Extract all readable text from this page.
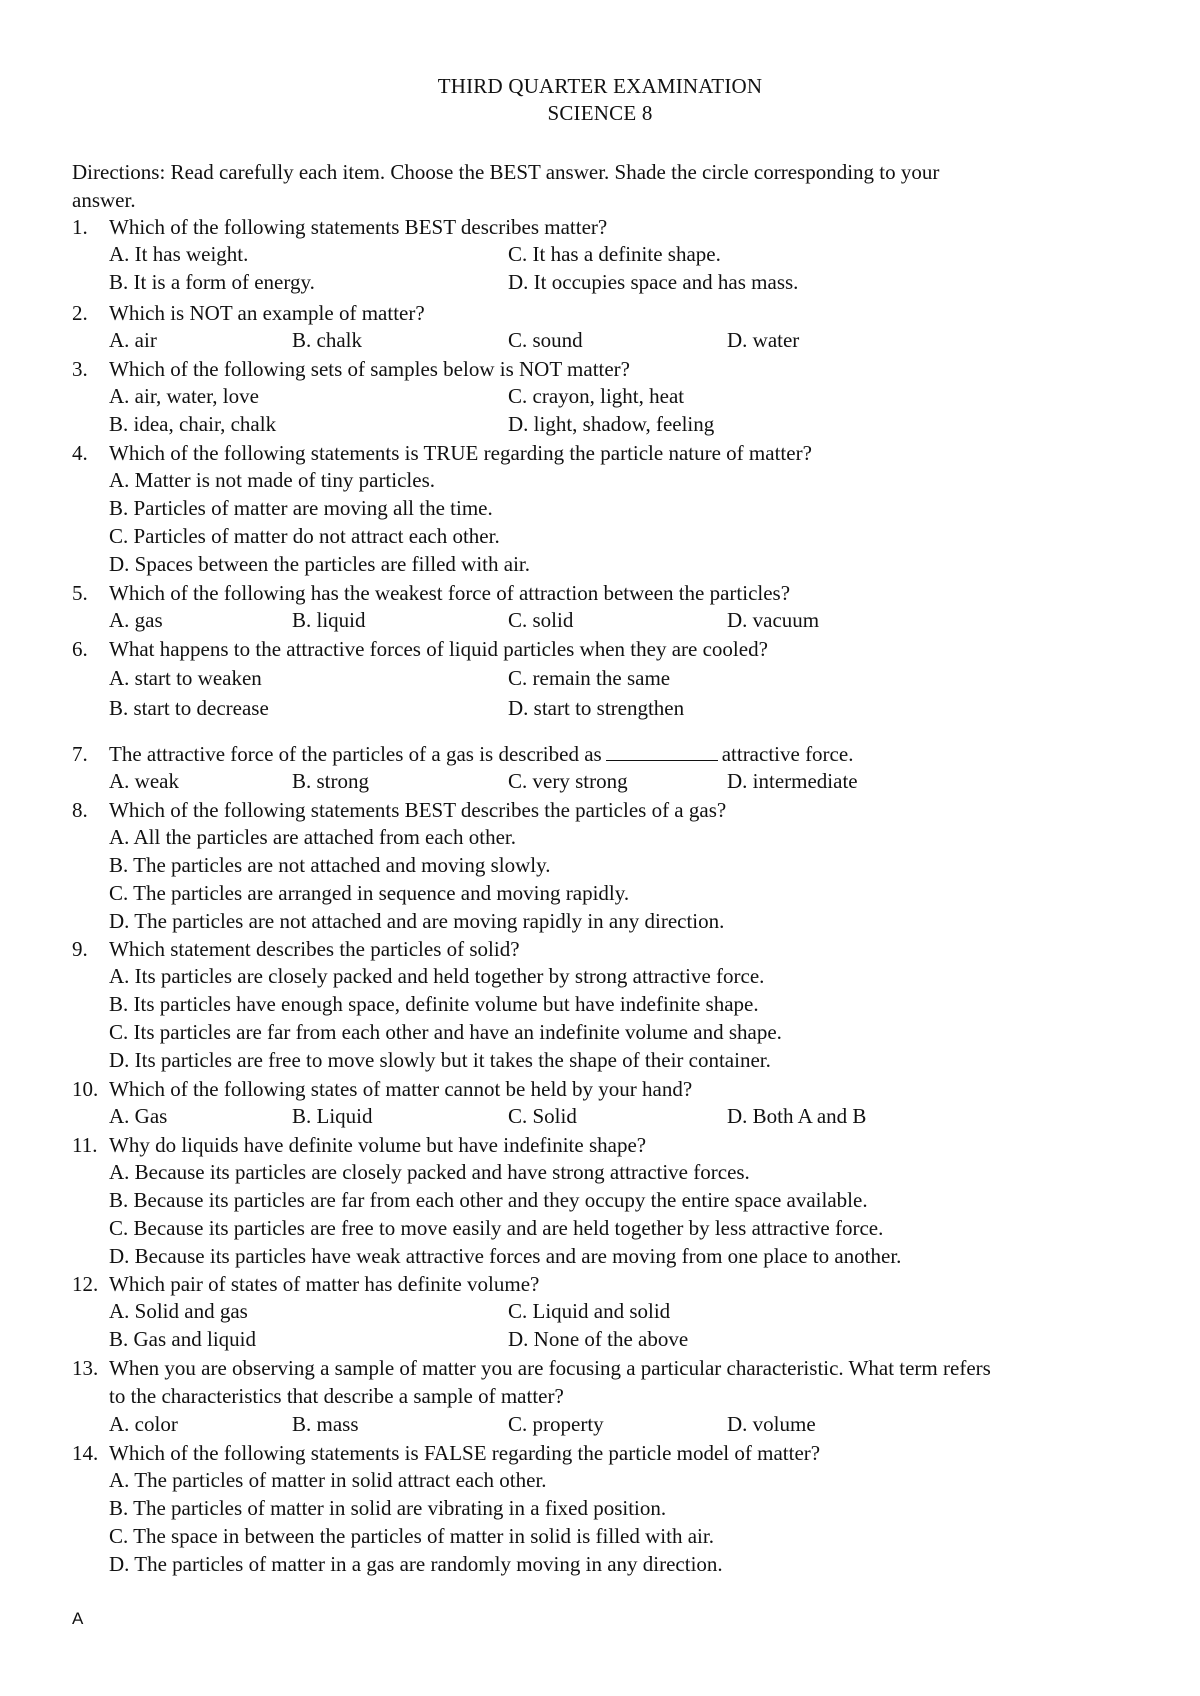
THIRD QUARTER EXAMINATION
SCIENCE 8
Directions: Read carefully each item. Choose the BEST answer. Shade the circle corresponding to your
answer.
1. Which of the following statements BEST describes matter?
A. It has weight.
B. It is a form of energy.
C. It has a definite shape.
D. It occupies space and has mass.
2. Which is NOT an example of matter?
A. air	B. chalk	C. sound	D. water
3. Which of the following sets of samples below is NOT matter?
A. air, water, love
B. idea, chair, chalk
C. crayon, light, heat
D. light, shadow, feeling
4. Which of the following statements is TRUE regarding the particle nature of matter?
A. Matter is not made of tiny particles.
B. Particles of matter are moving all the time.
C. Particles of matter do not attract each other.
D. Spaces between the particles are filled with air.
5. Which of the following has the weakest force of attraction between the particles?
A. gas	B. liquid	C. solid	D. vacuum
6. What happens to the attractive forces of liquid particles when they are cooled?
A. start to weaken
B. start to decrease
C. remain the same
D. start to strengthen
7. The attractive force of the particles of a gas is described as	attractive force.
A. weak	B. strong	C. very strong	D. intermediate
8. Which of the following statements BEST describes the particles of a gas?
A. All the particles are attached from each other.
B. The particles are not attached and moving slowly.
C. The particles are arranged in sequence and moving rapidly.
D. The particles are not attached and are moving rapidly in any direction.
9. Which statement describes the particles of solid?
A. Its particles are closely packed and held together by strong attractive force.
B. Its particles have enough space, definite volume but have indefinite shape.
C. Its particles are far from each other and have an indefinite volume and shape.
D. Its particles are free to move slowly but it takes the shape of their container.
10. Which of the following states of matter cannot be held by your hand?
A. Gas	B. Liquid	C. Solid	D. Both A and B
11. Why do liquids have definite volume but have indefinite shape?
A. Because its particles are closely packed and have strong attractive forces.
B. Because its particles are far from each other and they occupy the entire space available.
C. Because its particles are free to move easily and are held together by less attractive force.
D. Because its particles have weak attractive forces and are moving from one place to another.
12. Which pair of states of matter has definite volume?
A. Solid and gas
B. Gas and liquid
C. Liquid and solid
D. None of the above
13. When you are observing a sample of matter you are focusing a particular characteristic. What term refers
to the characteristics that describe a sample of matter?
A. color	B. mass	C. property	D. volume
14. Which of the following statements is FALSE regarding the particle model of matter?
A. The particles of matter in solid attract each other.
B. The particles of matter in solid are vibrating in a fixed position.
C. The space in between the particles of matter in solid is filled with air.
D. The particles of matter in a gas are randomly moving in any direction.
A
